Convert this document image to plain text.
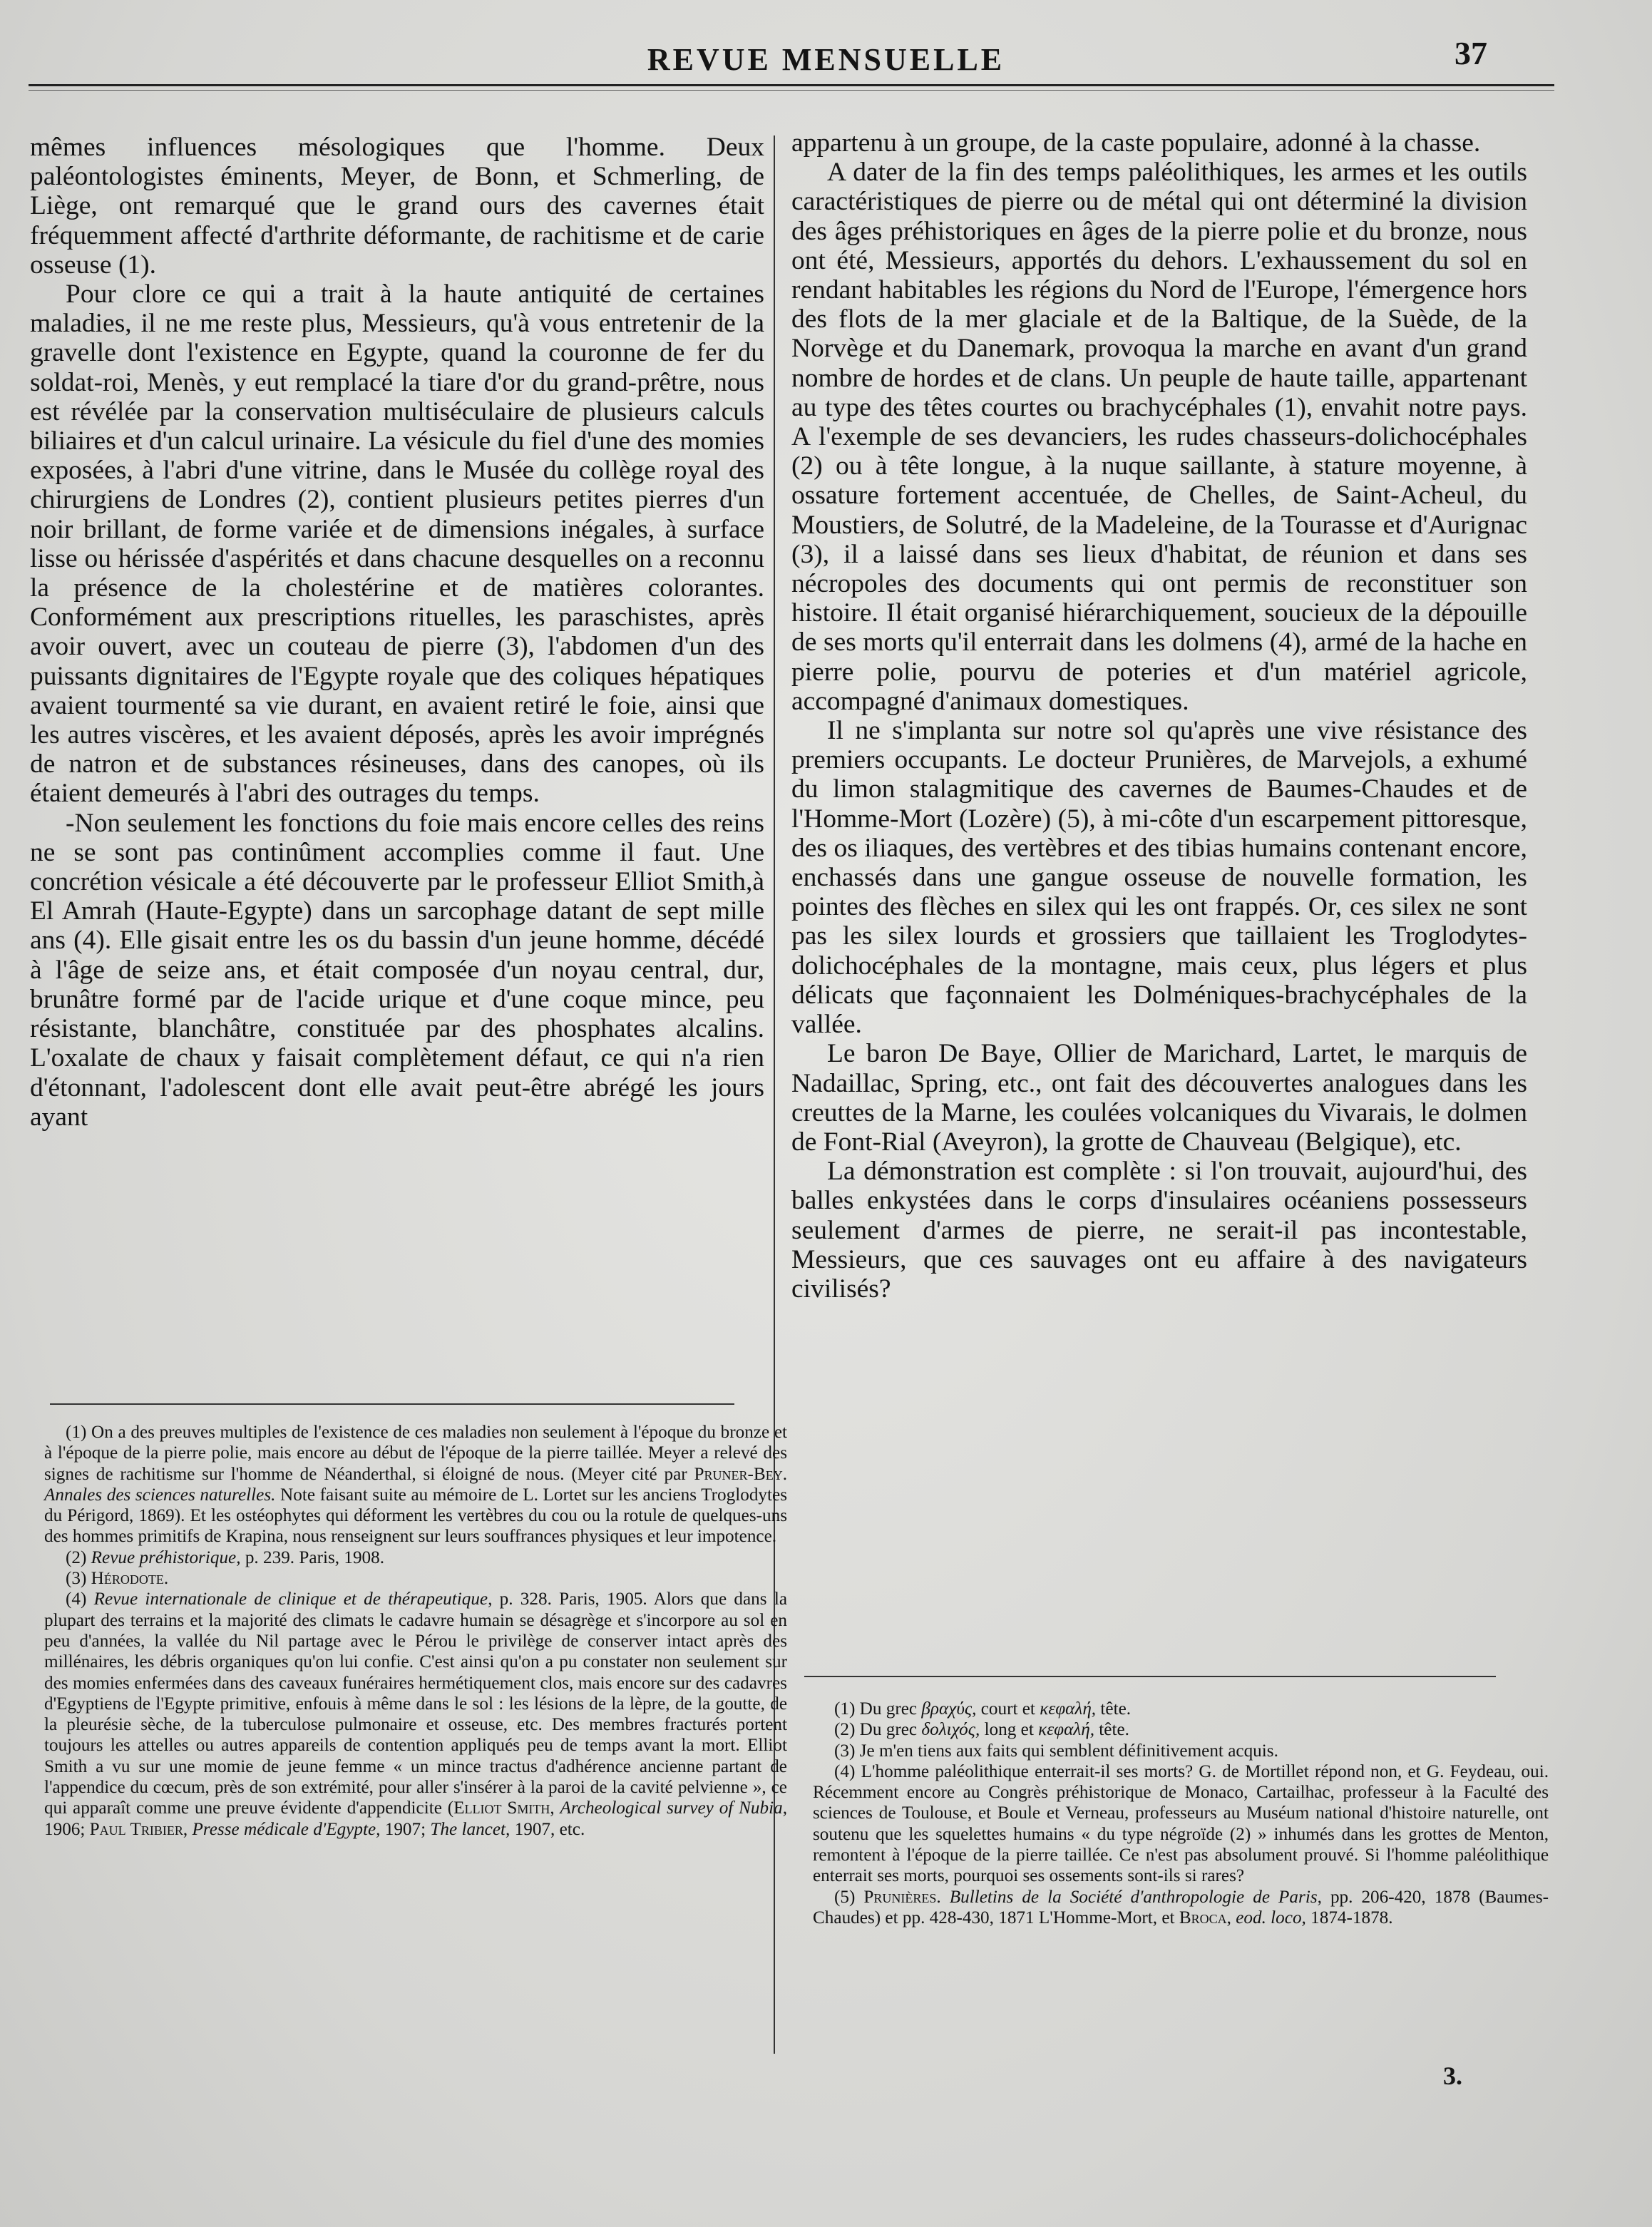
REVUE MENSUELLE	37

mêmes influences mésologiques que l'homme. Deux paléontologistes éminents, Meyer, de Bonn, et Schmerling, de Liège, ont remarqué que le grand ours des cavernes était fréquemment affecté d'arthrite déformante, de rachitisme et de carie osseuse (1).

Pour clore ce qui a trait à la haute antiquité de certaines maladies, il ne me reste plus, Messieurs, qu'à vous entretenir de la gravelle dont l'existence en Egypte, quand la couronne de fer du soldat-roi, Menès, y eut remplacé la tiare d'or du grand-prêtre, nous est révélée par la conservation multiséculaire de plusieurs calculs biliaires et d'un calcul urinaire. La vésicule du fiel d'une des momies exposées, à l'abri d'une vitrine, dans le Musée du collège royal des chirurgiens de Londres (2), contient plusieurs petites pierres d'un noir brillant, de forme variée et de dimensions inégales, à surface lisse ou hérissée d'aspérités et dans chacune desquelles on a reconnu la présence de la cholestérine et de matières colorantes. Conformément aux prescriptions rituelles, les paraschistes, après avoir ouvert, avec un couteau de pierre (3), l'abdomen d'un des puissants dignitaires de l'Egypte royale que des coliques hépatiques avaient tourmenté sa vie durant, en avaient retiré le foie, ainsi que les autres viscères, et les avaient déposés, après les avoir imprégnés de natron et de substances résineuses, dans des canopes, où ils étaient demeurés à l'abri des outrages du temps.

-Non seulement les fonctions du foie mais encore celles des reins ne se sont pas continûment accomplies comme il faut. Une concrétion vésicale a été découverte par le professeur Elliot Smith,à El Amrah (Haute-Egypte) dans un sarcophage datant de sept mille ans (4). Elle gisait entre les os du bassin d'un jeune homme, décédé à l'âge de seize ans, et était composée d'un noyau central, dur, brunâtre formé par de l'acide urique et d'une coque mince, peu résistante, blanchâtre, constituée par des phosphates alcalins. L'oxalate de chaux y faisait complètement défaut, ce qui n'a rien d'étonnant, l'adolescent dont elle avait peut-être abrégé les jours ayant

appartenu à un groupe, de la caste populaire, adonné à la chasse.

A dater de la fin des temps paléolithiques, les armes et les outils caractéristiques de pierre ou de métal qui ont déterminé la division des âges préhistoriques en âges de la pierre polie et du bronze, nous ont été, Messieurs, apportés du dehors. L'exhaussement du sol en rendant habitables les régions du Nord de l'Europe, l'émergence hors des flots de la mer glaciale et de la Baltique, de la Suède, de la Norvège et du Danemark, provoqua la marche en avant d'un grand nombre de hordes et de clans. Un peuple de haute taille, appartenant au type des têtes courtes ou brachycéphales (1), envahit notre pays. A l'exemple de ses devanciers, les rudes chasseurs-dolichocéphales (2) ou à tête longue, à la nuque saillante, à stature moyenne, à ossature fortement accentuée, de Chelles, de Saint-Acheul, du Moustiers, de Solutré, de la Madeleine, de la Tourasse et d'Aurignac (3), il a laissé dans ses lieux d'habitat, de réunion et dans ses nécropoles des documents qui ont permis de reconstituer son histoire. Il était organisé hiérarchiquement, soucieux de la dépouille de ses morts qu'il enterrait dans les dolmens (4), armé de la hache en pierre polie, pourvu de poteries et d'un matériel agricole, accompagné d'animaux domestiques.

Il ne s'implanta sur notre sol qu'après une vive résistance des premiers occupants. Le docteur Prunières, de Marvejols, a exhumé du limon stalagmitique des cavernes de Baumes-Chaudes et de l'Homme-Mort (Lozère) (5), à mi-côte d'un escarpement pittoresque, des os iliaques, des vertèbres et des tibias humains contenant encore, enchassés dans une gangue osseuse de nouvelle formation, les pointes des flèches en silex qui les ont frappés. Or, ces silex ne sont pas les silex lourds et grossiers que taillaient les Troglodytes-dolichocéphales de la montagne, mais ceux, plus légers et plus délicats que façonnaient les Dolméniques-brachycéphales de la vallée.

Le baron De Baye, Ollier de Marichard, Lartet, le marquis de Nadaillac, Spring, etc., ont fait des découvertes analogues dans les creuttes de la Marne, les coulées volcaniques du Vivarais, le dolmen de Font-Rial (Aveyron), la grotte de Chauveau (Belgique), etc.

La démonstration est complète : si l'on trouvait, aujourd'hui, des balles enkystées dans le corps d'insulaires océaniens possesseurs seulement d'armes de pierre, ne serait-il pas incontestable, Messieurs, que ces sauvages ont eu affaire à des navigateurs civilisés?

(1) On a des preuves multiples de l'existence de ces maladies non seulement à l'époque du bronze et à l'époque de la pierre polie, mais encore au début de l'époque de la pierre taillée. Meyer a relevé des signes de rachitisme sur l'homme de Néanderthal, si éloigné de nous. (Meyer cité par Pruner-Bey. Annales des sciences naturelles. Note faisant suite au mémoire de L. Lortet sur les anciens Troglodytes du Périgord, 1869). Et les ostéophytes qui déforment les vertèbres du cou ou la rotule de quelques-uns des hommes primitifs de Krapina, nous renseignent sur leurs souffrances physiques et leur impotence.

(2) Revue préhistorique, p. 239. Paris, 1908.

(3) Hérodote.

(4) Revue internationale de clinique et de thérapeutique, p. 328. Paris, 1905. Alors que dans la plupart des terrains et la majorité des climats le cadavre humain se désagrège et s'incorpore au sol en peu d'années, la vallée du Nil partage avec le Pérou le privilège de conserver intact après des millénaires, les débris organiques qu'on lui confie. C'est ainsi qu'on a pu constater non seulement sur des momies enfermées dans des caveaux funéraires hermétiquement clos, mais encore sur des cadavres d'Egyptiens de l'Egypte primitive, enfouis à même dans le sol : les lésions de la lèpre, de la goutte, de la pleurésie sèche, de la tuberculose pulmonaire et osseuse, etc. Des membres fracturés portent toujours les attelles ou autres appareils de contention appliqués peu de temps avant la mort. Elliot Smith a vu sur une momie de jeune femme « un mince tractus d'adhérence ancienne partant de l'appendice du cœcum, près de son extrémité, pour aller s'insérer à la paroi de la cavité pelvienne », ce qui apparaît comme une preuve évidente d'appendicite (Elliot Smith, Archeological survey of Nubia, 1906; Paul Tribier, Presse médicale d'Egypte, 1907; The lancet, 1907, etc.

(1) Du grec βραχύς, court et κεφαλή, tête.

(2) Du grec δολιχός, long et κεφαλή, tête.

(3) Je m'en tiens aux faits qui semblent définitivement acquis.

(4) L'homme paléolithique enterrait-il ses morts? G. de Mortillet répond non, et G. Feydeau, oui. Récemment encore au Congrès préhistorique de Monaco, Cartailhac, professeur à la Faculté des sciences de Toulouse, et Boule et Verneau, professeurs au Muséum national d'histoire naturelle, ont soutenu que les squelettes humains « du type négroïde (2) » inhumés dans les grottes de Menton, remontent à l'époque de la pierre taillée. Ce n'est pas absolument prouvé. Si l'homme paléolithique enterrait ses morts, pourquoi ses ossements sont-ils si rares?

(5) Prunières. Bulletins de la Société d'anthropologie de Paris, pp. 206-420, 1878 (Baumes-Chaudes) et pp. 428-430, 1871 L'Homme-Mort, et Broca, eod. loco, 1874-1878.

3.
